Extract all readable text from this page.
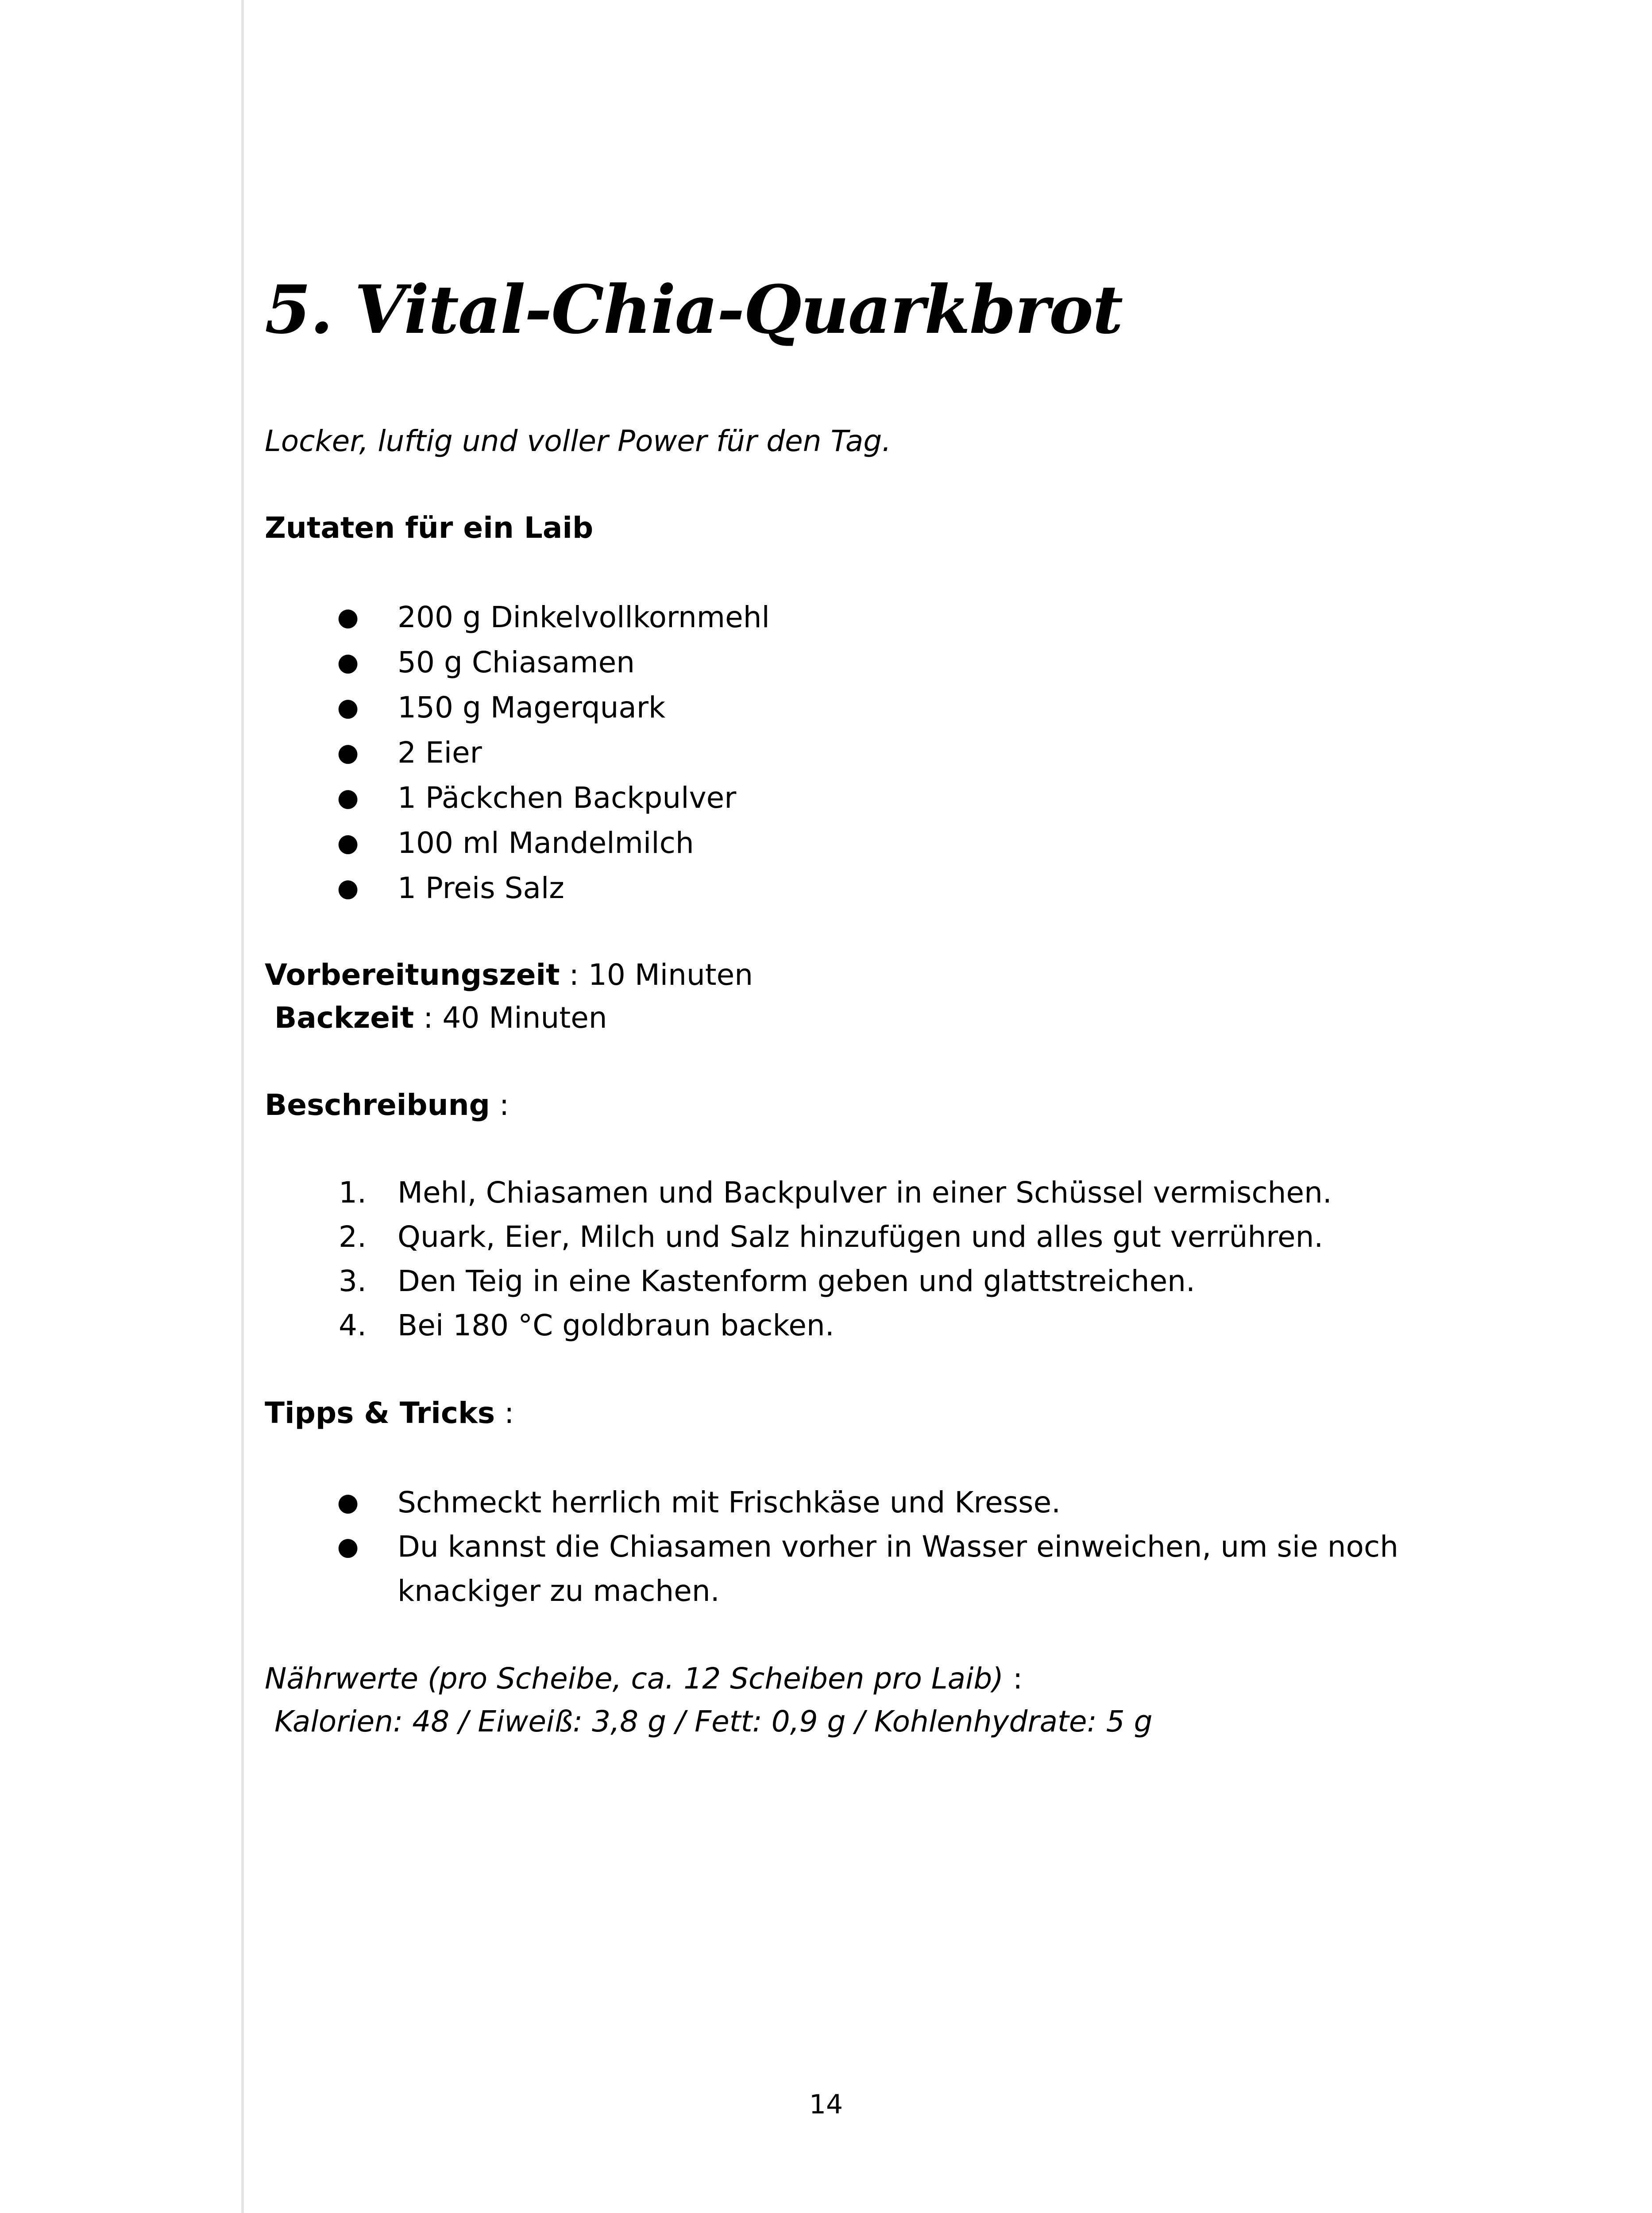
5. Vital-Chia-Quarkbrot

Locker, luftig und voller Power für den Tag.

Zutaten für ein Laib

● 200 g Dinkelvollkornmehl
● 50 g Chiasamen
● 150 g Magerquark
● 2 Eier
● 1 Päckchen Backpulver
● 100 ml Mandelmilch
● 1 Preis Salz

Vorbereitungszeit : 10 Minuten

Backzeit : 40 Minuten

Beschreibung :

1. Mehl, Chiasamen und Backpulver in einer Schüssel vermischen.
2. Quark, Eier, Milch und Salz hinzufügen und alles gut verrühren.
3. Den Teig in eine Kastenform geben und glattstreichen.
4. Bei 180 °C goldbraun backen.

Tipps & Tricks :

● Schmeckt herrlich mit Frischkäse und Kresse.
● Du kannst die Chiasamen vorher in Wasser einweichen, um sie noch
knackiger zu machen.

Nährwerte (pro Scheibe, ca. 12 Scheiben pro Laib) :

Kalorien: 48 / Eiweiß: 3,8 g / Fett: 0,9 g / Kohlenhydrate: 5 g

14
